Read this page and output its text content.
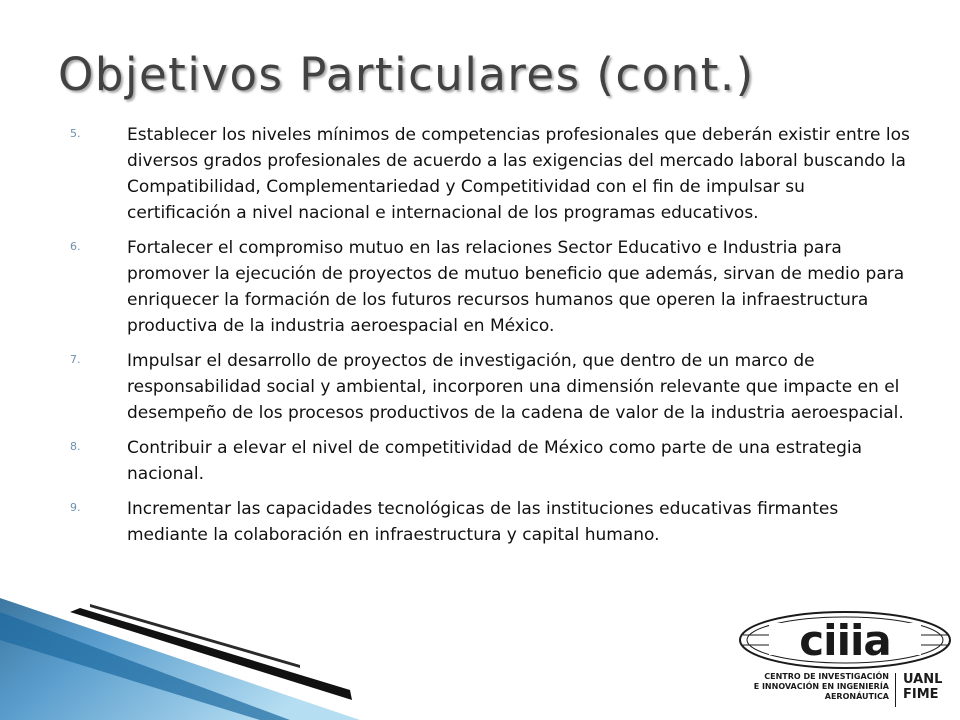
Objetivos Particulares (cont.)
5.	Establecer los niveles mínimos de competencias profesionales que deberán existir entre los diversos grados profesionales de acuerdo a las exigencias del mercado laboral buscando la Compatibilidad, Complementariedad y Competitividad con el fin de impulsar su certificación a nivel nacional e internacional de los programas educativos.
6.	Fortalecer el compromiso mutuo en las relaciones Sector Educativo e Industria para promover la ejecución de proyectos de mutuo beneficio que además, sirvan de medio para enriquecer la formación de los futuros recursos humanos que operen la infraestructura productiva de la industria aeroespacial en México.
7.	Impulsar el desarrollo de proyectos de investigación, que dentro de un marco de responsabilidad social y ambiental, incorporen una dimensión relevante que impacte en el desempeño de los procesos productivos de la cadena de valor de la industria aeroespacial.
8.	Contribuir a elevar el nivel de competitividad de México como parte de una estrategia nacional.
9.	Incrementar las capacidades tecnológicas de las instituciones educativas firmantes mediante la colaboración en infraestructura y capital humano.
ciiia
CENTRO DE INVESTIGACIÓN
E INNOVACIÓN EN INGENIERÍA
AERONÁUTICA
UANL
FIME
